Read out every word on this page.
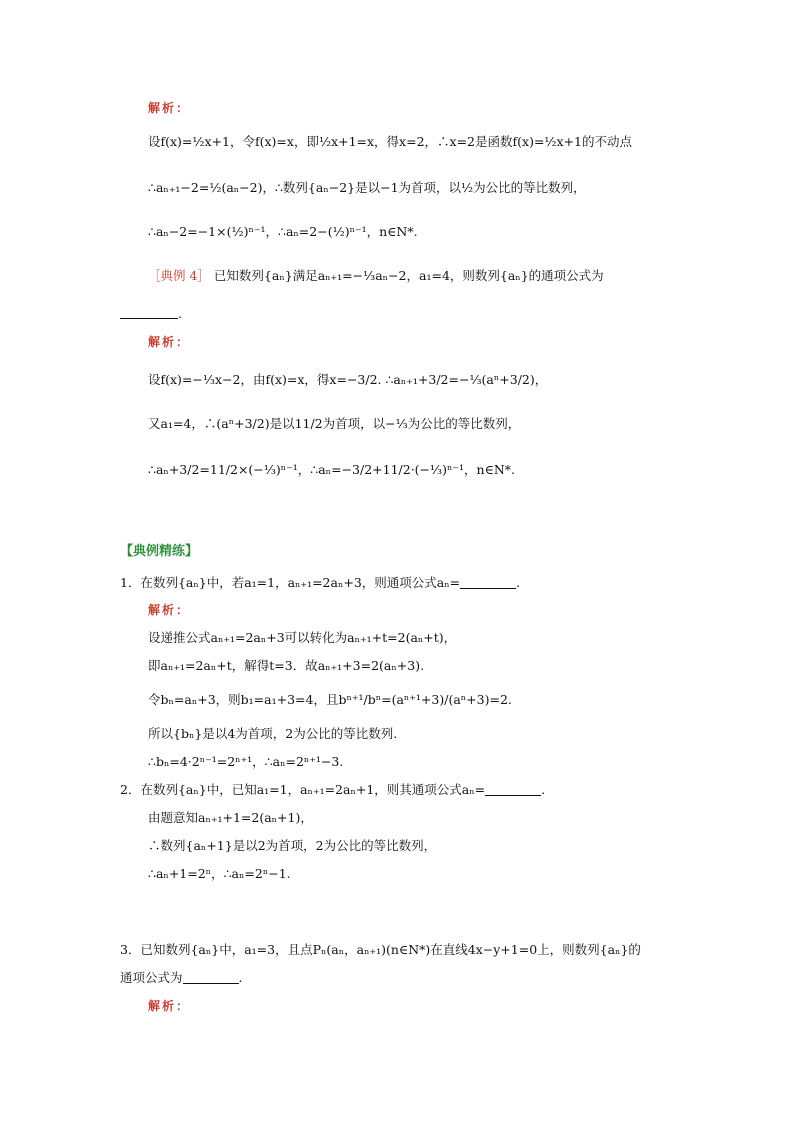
解析：
设f(x)=½x+1，令f(x)=x，即½x+1=x，得x=2，∴x=2是函数f(x)=½x+1的不动点
∴aₙ₊₁−2=½(aₙ−2)，∴数列{aₙ−2}是以−1为首项，以½为公比的等比数列，
∴aₙ−2=−1×(½)ⁿ⁻¹，∴aₙ=2−(½)ⁿ⁻¹，n∈N*.
［典例 4］ 已知数列{aₙ}满足aₙ₊₁=−⅓aₙ−2，a₁=4，则数列{aₙ}的通项公式为
.
解析：
设f(x)=−⅓x−2，由f(x)=x，得x=−3/2. ∴aₙ₊₁+3/2=−⅓(aⁿ+3/2)，
又a₁=4，∴(aⁿ+3/2)是以11/2为首项，以−⅓为公比的等比数列，
∴aₙ+3/2=11/2×(−⅓)ⁿ⁻¹，∴aₙ=−3/2+11/2·(−⅓)ⁿ⁻¹，n∈N*.
【典例精练】
1．在数列{aₙ}中，若a₁=1，aₙ₊₁=2aₙ+3，则通项公式aₙ=	.
解析：
设递推公式aₙ₊₁=2aₙ+3可以转化为aₙ₊₁+t=2(aₙ+t)，
即aₙ₊₁=2aₙ+t，解得t=3．故aₙ₊₁+3=2(aₙ+3).
令bₙ=aₙ+3，则b₁=a₁+3=4，且bⁿ⁺¹/bⁿ=(aⁿ⁺¹+3)/(aⁿ+3)=2.
所以{bₙ}是以4为首项，2为公比的等比数列.
∴bₙ=4·2ⁿ⁻¹=2ⁿ⁺¹，∴aₙ=2ⁿ⁺¹−3.
2．在数列{aₙ}中，已知a₁=1，aₙ₊₁=2aₙ+1，则其通项公式aₙ=	.
由题意知aₙ₊₁+1=2(aₙ+1)，
∴数列{aₙ+1}是以2为首项，2为公比的等比数列，
∴aₙ+1=2ⁿ，∴aₙ=2ⁿ−1.
3．已知数列{aₙ}中，a₁=3，且点Pₙ(aₙ，aₙ₊₁)(n∈N*)在直线4x−y+1=0上，则数列{aₙ}的
通项公式为	.
解析：
